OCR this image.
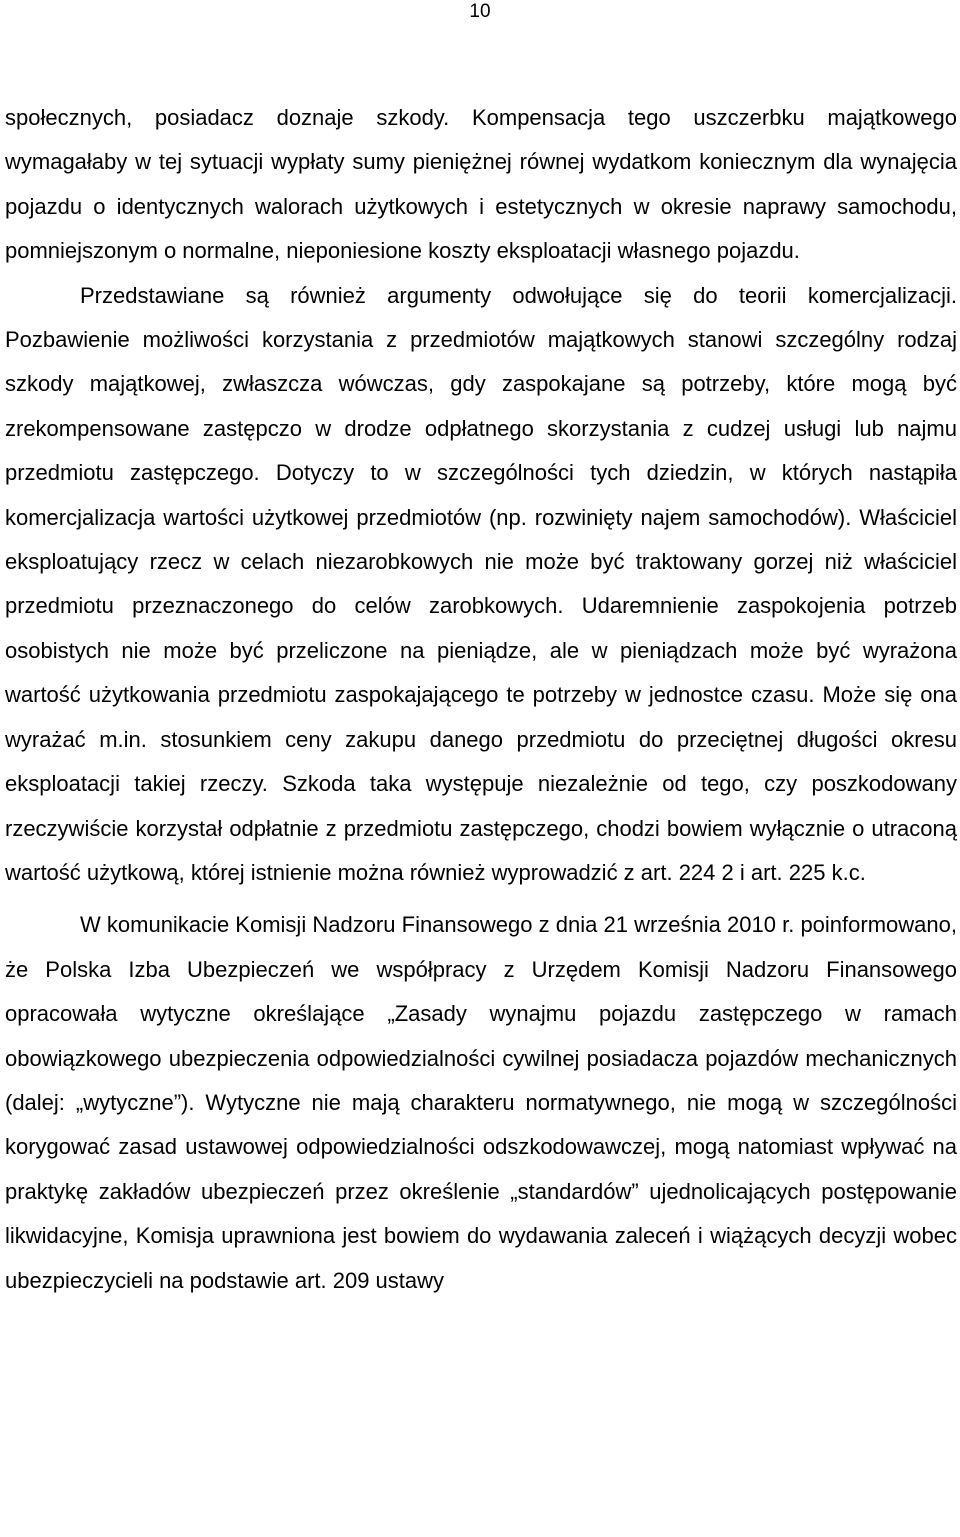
10

społecznych, posiadacz doznaje szkody. Kompensacja tego uszczerbku majątkowego wymagałaby w tej sytuacji wypłaty sumy pieniężnej równej wydatkom koniecznym dla wynajęcia pojazdu o identycznych walorach użytkowych i estetycznych w okresie naprawy samochodu, pomniejszonym o normalne, nieponiesione koszty eksploatacji własnego pojazdu.

Przedstawiane są również argumenty odwołujące się do teorii komercjalizacji. Pozbawienie możliwości korzystania z przedmiotów majątkowych stanowi szczególny rodzaj szkody majątkowej, zwłaszcza wówczas, gdy zaspokajane są potrzeby, które mogą być zrekompensowane zastępczo w drodze odpłatnego skorzystania z cudzej usługi lub najmu przedmiotu zastępczego. Dotyczy to w szczególności tych dziedzin, w których nastąpiła komercjalizacja wartości użytkowej przedmiotów (np. rozwinięty najem samochodów). Właściciel eksploatujący rzecz w celach niezarobkowych nie może być traktowany gorzej niż właściciel przedmiotu przeznaczonego do celów zarobkowych. Udaremnienie zaspokojenia potrzeb osobistych nie może być przeliczone na pieniądze, ale w pieniądzach może być wyrażona wartość użytkowania przedmiotu zaspokajającego te potrzeby w jednostce czasu. Może się ona wyrażać m.in. stosunkiem ceny zakupu danego przedmiotu do przeciętnej długości okresu eksploatacji takiej rzeczy. Szkoda taka występuje niezależnie od tego, czy poszkodowany rzeczywiście korzystał odpłatnie z przedmiotu zastępczego, chodzi bowiem wyłącznie o utraconą wartość użytkową, której istnienie można również wyprowadzić z art. 224 2 i art. 225 k.c.

W komunikacie Komisji Nadzoru Finansowego z dnia 21 września 2010 r. poinformowano, że Polska Izba Ubezpieczeń we współpracy z Urzędem Komisji Nadzoru Finansowego opracowała wytyczne określające „Zasady wynajmu pojazdu zastępczego w ramach obowiązkowego ubezpieczenia odpowiedzialności cywilnej posiadacza pojazdów mechanicznych (dalej: „wytyczne”). Wytyczne nie mają charakteru normatywnego, nie mogą w szczególności korygować zasad ustawowej odpowiedzialności odszkodowawczej, mogą natomiast wpływać na praktykę zakładów ubezpieczeń przez określenie „standardów” ujednolicających postępowanie likwidacyjne, Komisja uprawniona jest bowiem do wydawania zaleceń i wiążących decyzji wobec ubezpieczycieli na podstawie art. 209 ustawy
